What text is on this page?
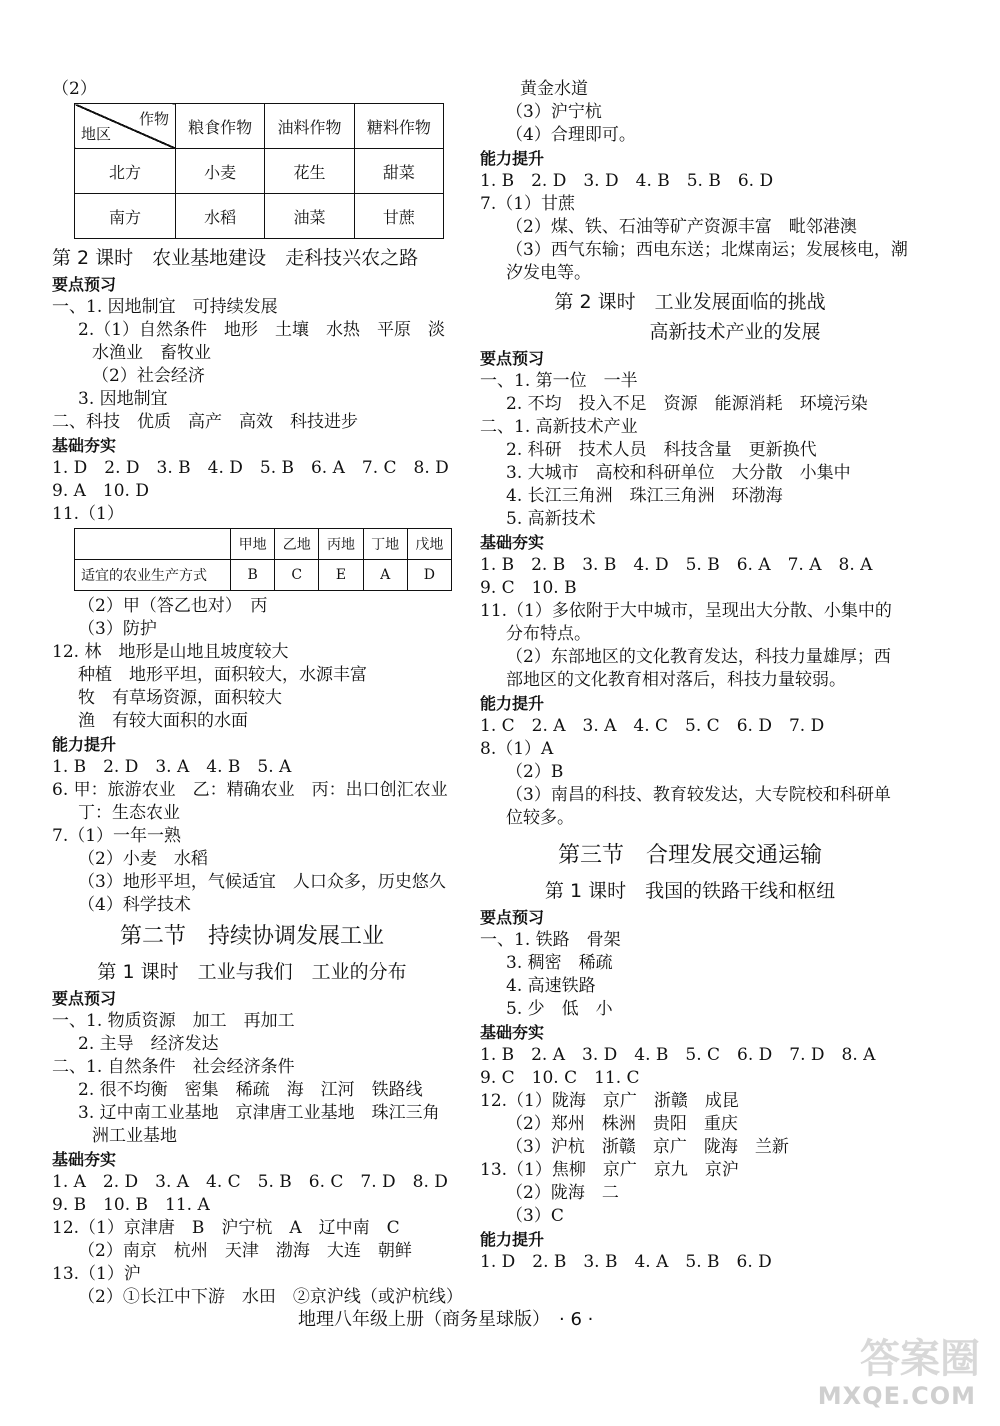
（2）
作物
地区	粮食作物	油料作物	糖料作物
北方	小麦	花生	甜菜
南方	水稻	油菜	甘蔗
第 2 课时　农业基地建设　走科技兴农之路
要点预习
一、1. 因地制宜　可持续发展
2.（1）自然条件　地形　土壤　水热　平原　淡
水渔业　畜牧业
（2）社会经济
3. 因地制宜
二、科技　优质　高产　高效　科技进步
基础夯实
1. D　2. D　3. B　4. D　5. B　6. A　7. C　8. D
9. A　10. D
11.（1）
	甲地	乙地	丙地	丁地	戊地
适宜的农业生产方式	B	C	E	A	D
（2）甲（答乙也对）　丙
（3）防护
12. 林　地形是山地且坡度较大
种植　地形平坦，面积较大，水源丰富
牧　有草场资源，面积较大
渔　有较大面积的水面
能力提升
1. B　2. D　3. A　4. B　5. A
6. 甲：旅游农业　乙：精确农业　丙：出口创汇农业
丁：生态农业
7.（1）一年一熟
（2）小麦　水稻
（3）地形平坦，气候适宜　人口众多，历史悠久
（4）科学技术
第二节　持续协调发展工业
第 1 课时　工业与我们　工业的分布
要点预习
一、1. 物质资源　加工　再加工
2. 主导　经济发达
二、1. 自然条件　社会经济条件
2. 很不均衡　密集　稀疏　海　江河　铁路线
3. 辽中南工业基地　京津唐工业基地　珠江三角
洲工业基地
基础夯实
1. A　2. D　3. A　4. C　5. B　6. C　7. D　8. D
9. B　10. B　11. A
12.（1）京津唐　B　沪宁杭　A　辽中南　C
（2）南京　杭州　天津　渤海　大连　朝鲜
13.（1）沪
（2）①长江中下游　水田　②京沪线（或沪杭线）
黄金水道
（3）沪宁杭
（4）合理即可。
能力提升
1. B　2. D　3. D　4. B　5. B　6. D
7.（1）甘蔗
（2）煤、铁、石油等矿产资源丰富　毗邻港澳
（3）西气东输；西电东送；北煤南运；发展核电，潮
汐发电等。
第 2 课时　工业发展面临的挑战
高新技术产业的发展
要点预习
一、1. 第一位　一半
2. 不均　投入不足　资源　能源消耗　环境污染
二、1. 高新技术产业
2. 科研　技术人员　科技含量　更新换代
3. 大城市　高校和科研单位　大分散　小集中
4. 长江三角洲　珠江三角洲　环渤海
5. 高新技术
基础夯实
1. B　2. B　3. B　4. D　5. B　6. A　7. A　8. A
9. C　10. B
11.（1）多依附于大中城市，呈现出大分散、小集中的
分布特点。
（2）东部地区的文化教育发达，科技力量雄厚；西
部地区的文化教育相对落后，科技力量较弱。
能力提升
1. C　2. A　3. A　4. C　5. C　6. D　7. D
8.（1）A
（2）B
（3）南昌的科技、教育较发达，大专院校和科研单
位较多。
第三节　合理发展交通运输
第 1 课时　我国的铁路干线和枢纽
要点预习
一、1. 铁路　骨架
3. 稠密　稀疏
4. 高速铁路
5. 少　低　小
基础夯实
1. B　2. A　3. D　4. B　5. C　6. D　7. D　8. A
9. C　10. C　11. C
12.（1）陇海　京广　浙赣　成昆
（2）郑州　株洲　贵阳　重庆
（3）沪杭　浙赣　京广　陇海　兰新
13.（1）焦柳　京广　京九　京沪
（2）陇海　二
（3）C
能力提升
1. D　2. B　3. B　4. A　5. B　6. D
地理八年级上册（商务星球版）　· 6 ·
答案圈
MXQE.COM
